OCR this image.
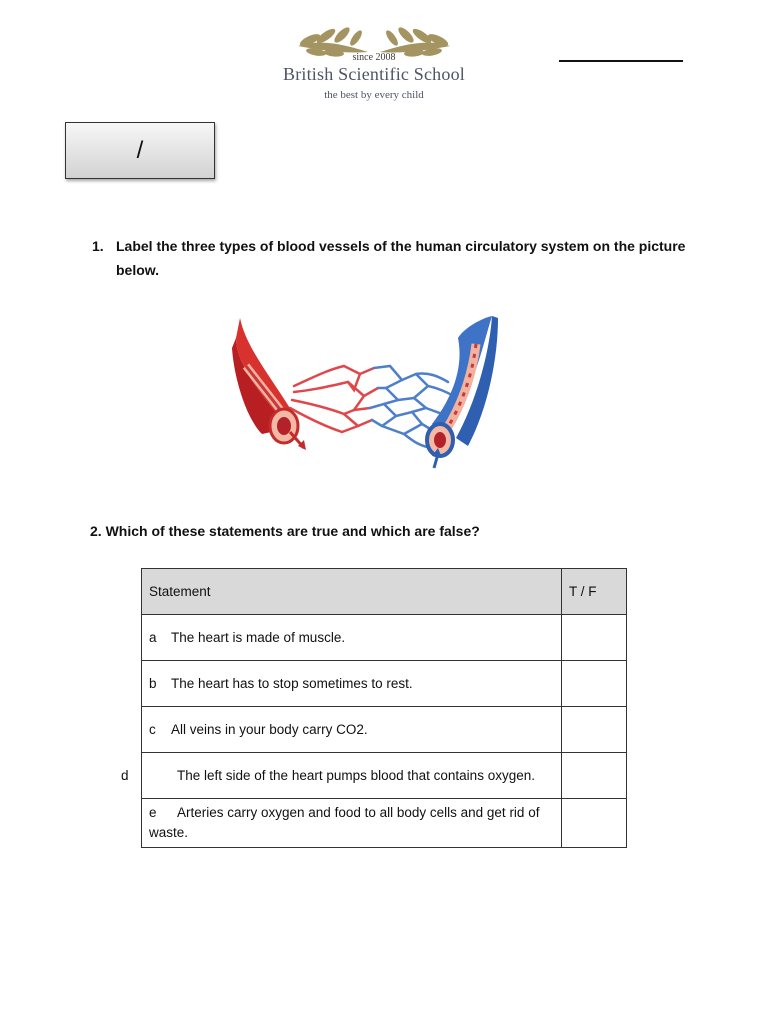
since 2008
British Scientific School
the best by every child
/
1. Label the three types of blood vessels of the human circulatory system on the picture below.
2. Which of these statements are true and which are false?
Statement	T / F
a The heart is made of muscle.	
b The heart has to stop sometimes to rest.	
c All veins in your body carry CO2.	

d The left side of the heart pumps blood that contains oxygen.	

e Arteries carry oxygen and food to all body cells and get rid of waste.	
